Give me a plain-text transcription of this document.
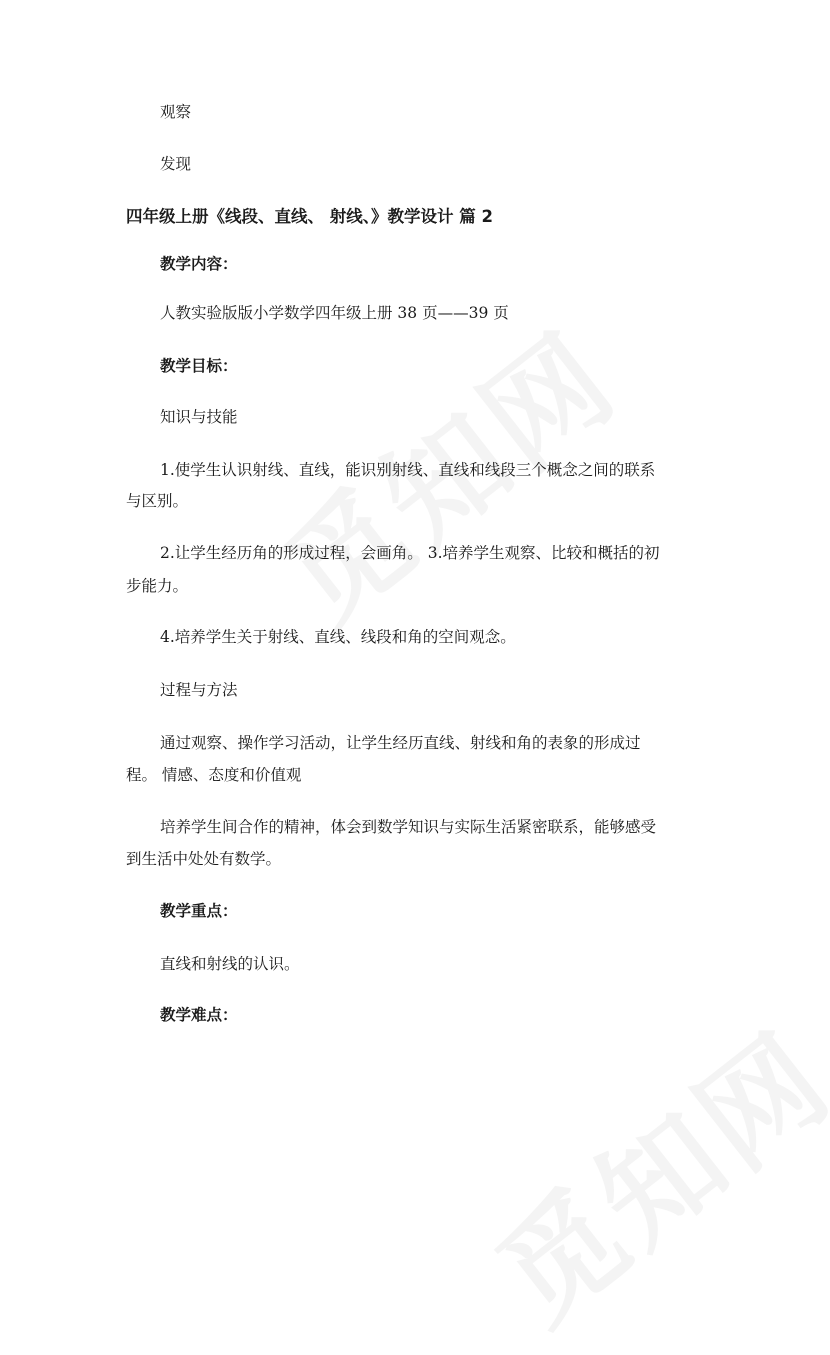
观察

发现

四年级上册《线段、直线、 射线、》教学设计 篇 2

教学内容：

人教实验版版小学数学四年级上册 38 页——39 页

教学目标：

知识与技能

1.使学生认识射线、直线，能识别射线、直线和线段三个概念之间的联系

与区别。

2.让学生经历角的形成过程，会画角。 3.培养学生观察、比较和概括的初

步能力。

4.培养学生关于射线、直线、线段和角的空间观念。

过程与方法

通过观察、操作学习活动，让学生经历直线、射线和角的表象的形成过

程。 情感、态度和价值观

培养学生间合作的精神，体会到数学知识与实际生活紧密联系，能够感受

到生活中处处有数学。

教学重点：

直线和射线的认识。

教学难点：
